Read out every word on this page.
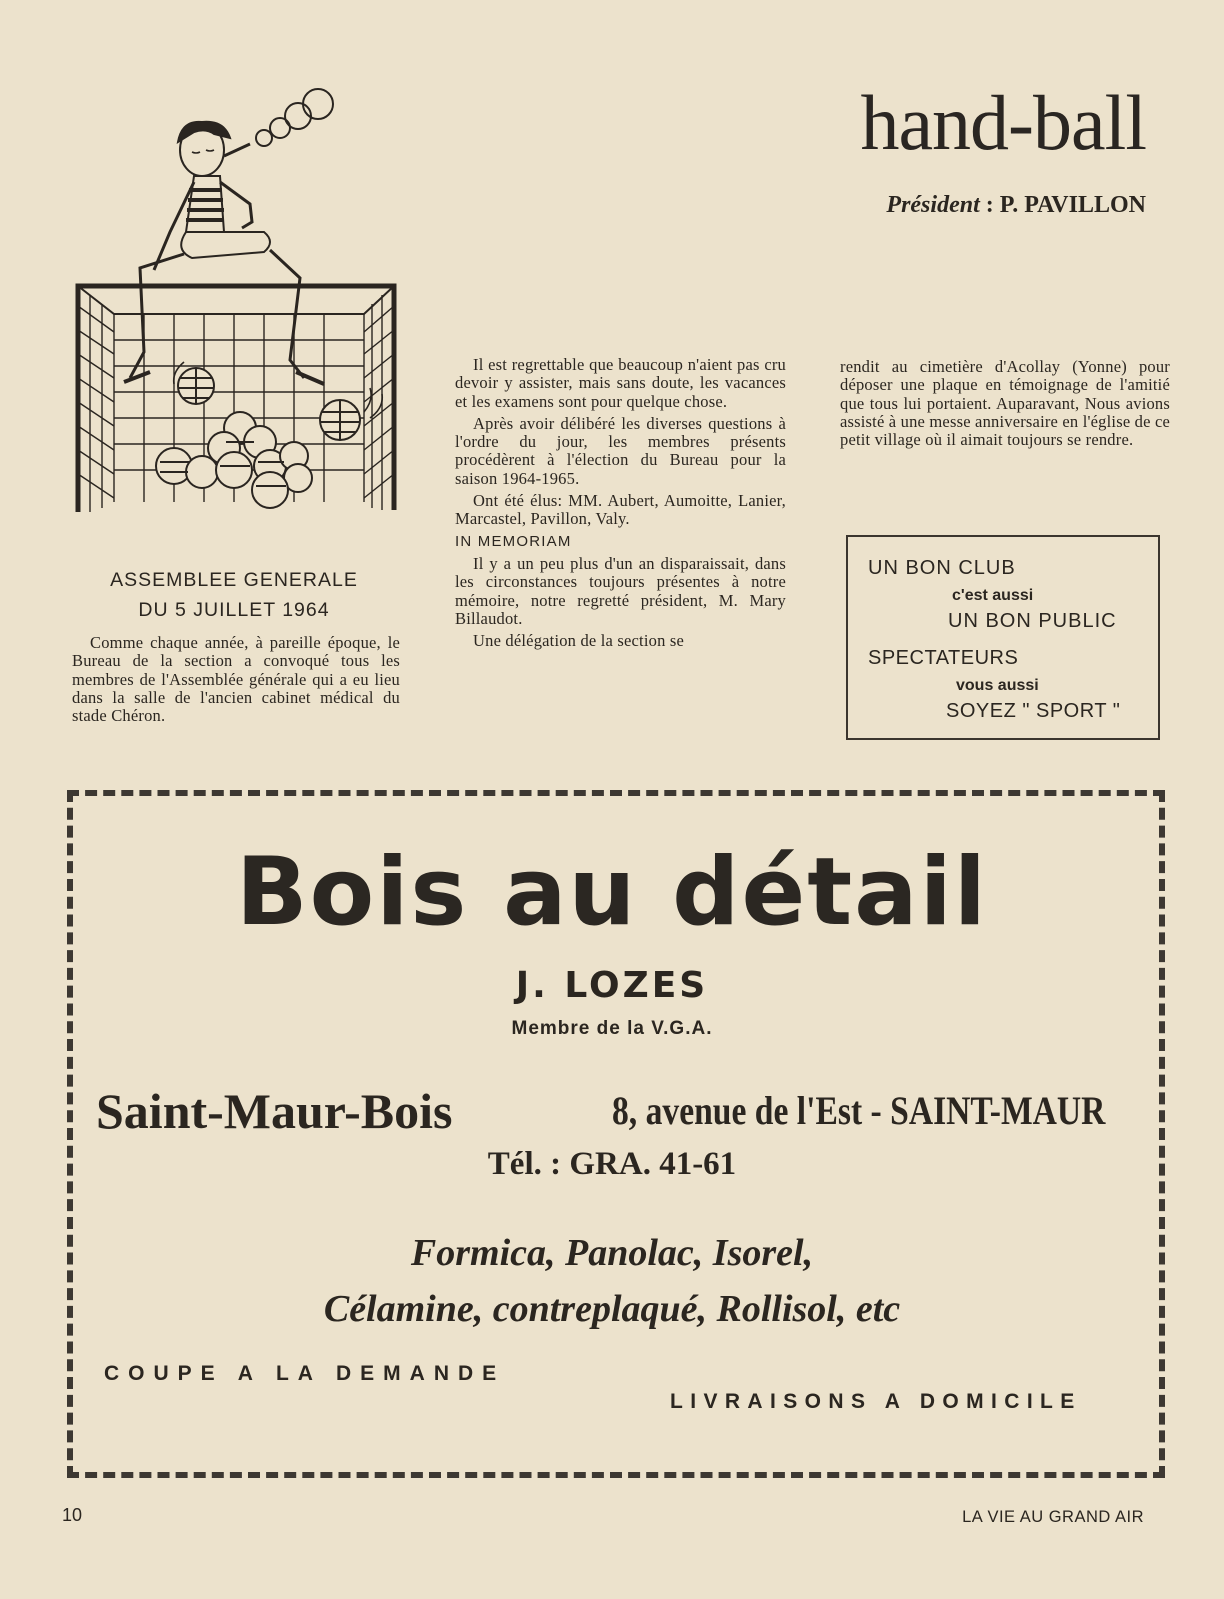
hand-ball
Président : P. PAVILLON
ASSEMBLEE GENERALE
DU 5 JUILLET 1964

Comme chaque année, à pareille époque, le Bureau de la section a convoqué tous les membres de l'Assemblée générale qui a eu lieu dans la salle de l'ancien cabinet médical du stade Chéron.

Il est regrettable que beaucoup n'aient pas cru devoir y assister, mais sans doute, les vacances et les examens sont pour quelque chose.

Après avoir délibéré les diverses questions à l'ordre du jour, les membres présents procédèrent à l'élection du Bureau pour la saison 1964-1965.

Ont été élus: MM. Aubert, Aumoitte, Lanier, Marcastel, Pavillon, Valy.

IN MEMORIAM

Il y a un peu plus d'un an disparaissait, dans les circonstances toujours présentes à notre mémoire, notre regretté président, M. Mary Billaudot.

Une délégation de la section se

rendit au cimetière d'Acollay (Yonne) pour déposer une plaque en témoignage de l'amitié que tous lui portaient. Auparavant, Nous avions assisté à une messe anniversaire en l'église de ce petit village où il aimait toujours se rendre.

UN BON CLUB
c'est aussi
UN BON PUBLIC
SPECTATEURS
vous aussi
SOYEZ " SPORT "
Bois au détail
J. LOZES
Membre de la V.G.A.
Saint-Maur-Bois	8, avenue de l'Est - SAINT-MAUR
Tél. : GRA. 41-61
Formica, Panolac, Isorel,
Célamine, contreplaqué, Rollisol, etc
COUPE A LA DEMANDE
LIVRAISONS A DOMICILE
10	LA VIE AU GRAND AIR
